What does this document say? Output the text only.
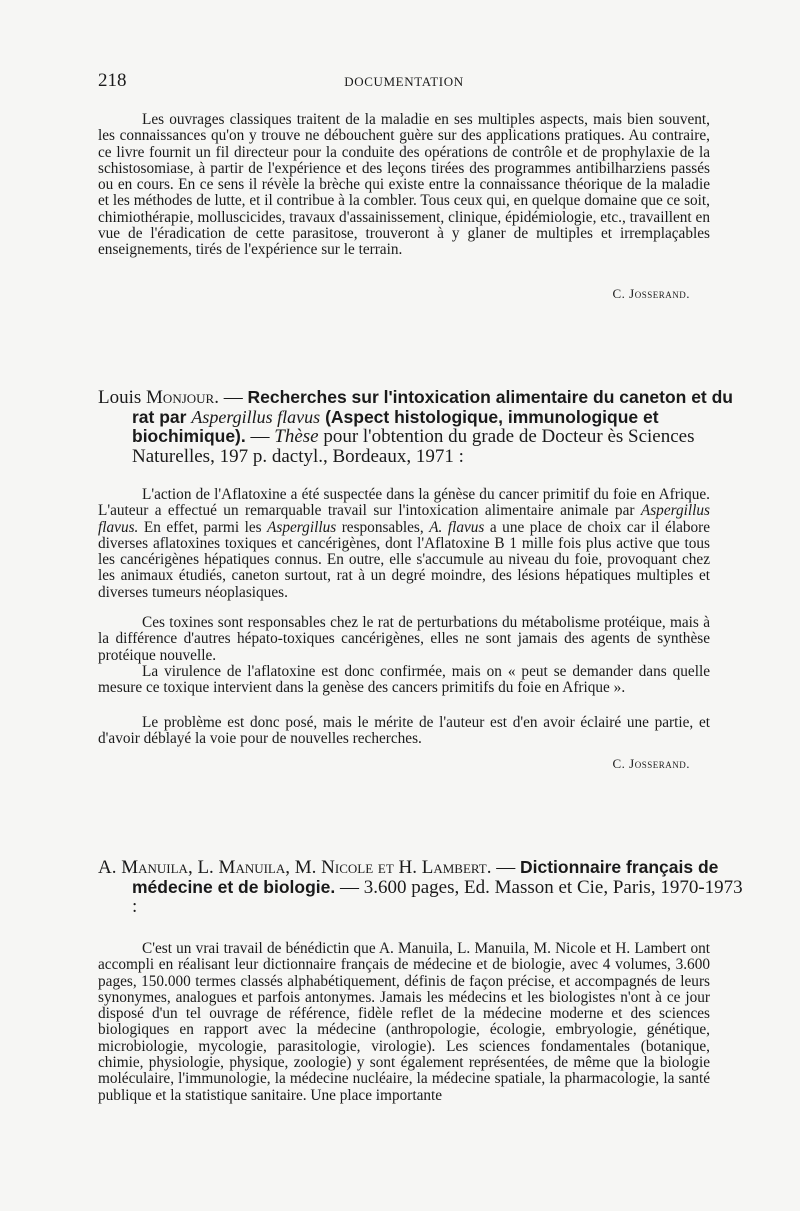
218	DOCUMENTATION

Les ouvrages classiques traitent de la maladie en ses multiples aspects, mais bien souvent, les connaissances qu'on y trouve ne débouchent guère sur des applications pratiques. Au contraire, ce livre fournit un fil directeur pour la conduite des opérations de contrôle et de prophylaxie de la schistosomiase, à partir de l'expérience et des leçons tirées des programmes antibilharziens passés ou en cours. En ce sens il révèle la brèche qui existe entre la connaissance théorique de la maladie et les méthodes de lutte, et il contribue à la combler. Tous ceux qui, en quelque domaine que ce soit, chimiothérapie, molluscicides, travaux d'assainissement, clinique, épidémiologie, etc., travaillent en vue de l'éradication de cette parasitose, trouveront à y glaner de multiples et irremplaçables enseignements, tirés de l'expérience sur le terrain.

C. Josserand.

Louis Monjour. — Recherches sur l'intoxication alimentaire du caneton et du rat par Aspergillus flavus (Aspect histologique, immunologique et biochimique). — Thèse pour l'obtention du grade de Docteur ès Sciences Naturelles, 197 p. dactyl., Bordeaux, 1971 :

L'action de l'Aflatoxine a été suspectée dans la génèse du cancer primitif du foie en Afrique. L'auteur a effectué un remarquable travail sur l'intoxication alimentaire animale par Aspergillus flavus. En effet, parmi les Aspergillus responsables, A. flavus a une place de choix car il élabore diverses aflatoxines toxiques et cancérigènes, dont l'Aflatoxine B 1 mille fois plus active que tous les cancérigènes hépatiques connus. En outre, elle s'accumule au niveau du foie, provoquant chez les animaux étudiés, caneton surtout, rat à un degré moindre, des lésions hépatiques multiples et diverses tumeurs néoplasiques.

Ces toxines sont responsables chez le rat de perturbations du métabolisme protéique, mais à la différence d'autres hépato-toxiques cancérigènes, elles ne sont jamais des agents de synthèse protéique nouvelle.

La virulence de l'aflatoxine est donc confirmée, mais on « peut se demander dans quelle mesure ce toxique intervient dans la genèse des cancers primitifs du foie en Afrique ».

Le problème est donc posé, mais le mérite de l'auteur est d'en avoir éclairé une partie, et d'avoir déblayé la voie pour de nouvelles recherches.

C. Josserand.

A. Manuila, L. Manuila, M. Nicole et H. Lambert. — Dictionnaire français de médecine et de biologie. — 3.600 pages, Ed. Masson et Cie, Paris, 1970-1973 :

C'est un vrai travail de bénédictin que A. Manuila, L. Manuila, M. Nicole et H. Lambert ont accompli en réalisant leur dictionnaire français de médecine et de biologie, avec 4 volumes, 3.600 pages, 150.000 termes classés alphabétiquement, définis de façon précise, et accompagnés de leurs synonymes, analogues et parfois antonymes. Jamais les médecins et les biologistes n'ont à ce jour disposé d'un tel ouvrage de référence, fidèle reflet de la médecine moderne et des sciences biologiques en rapport avec la médecine (anthropologie, écologie, embryologie, génétique, microbiologie, mycologie, parasitologie, virologie). Les sciences fondamentales (botanique, chimie, physiologie, physique, zoologie) y sont également représentées, de même que la biologie moléculaire, l'immunologie, la médecine nucléaire, la médecine spatiale, la pharmacologie, la santé publique et la statistique sanitaire. Une place importante
